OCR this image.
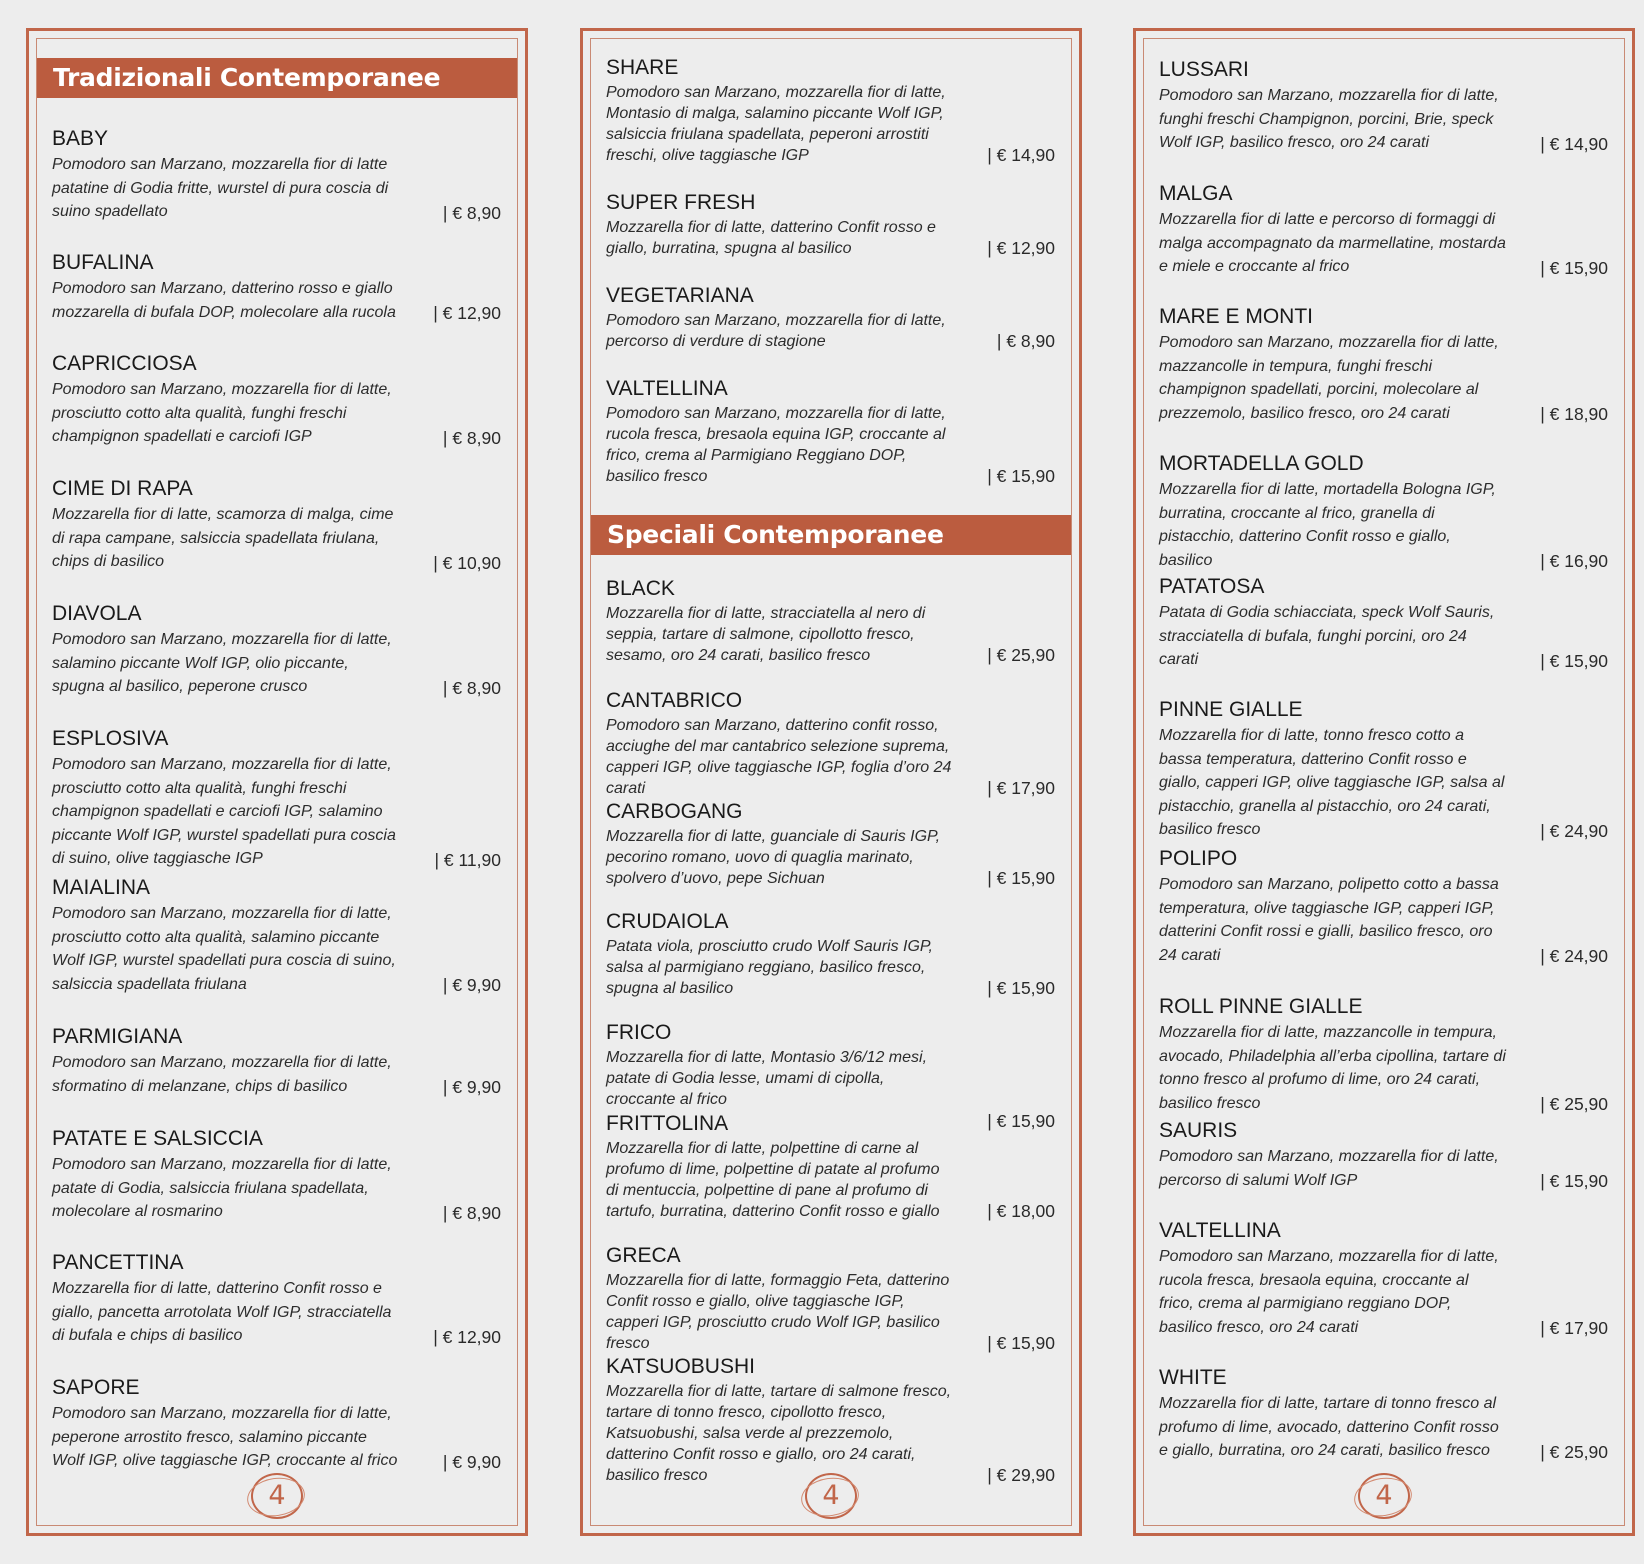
Tradizionali Contemporanee
BABY
Pomodoro san Marzano, mozzarella fior di latte patatine di Godia fritte, wurstel di pura coscia di suino spadellato	| € 8,90
BUFALINA
Pomodoro san Marzano, datterino rosso e giallo mozzarella di bufala DOP, molecolare alla rucola	| € 12,90
CAPRICCIOSA
Pomodoro san Marzano, mozzarella fior di latte, prosciutto cotto alta qualità, funghi freschi champignon spadellati e carciofi IGP	| € 8,90
CIME DI RAPA
Mozzarella fior di latte, scamorza di malga, cime di rapa campane, salsiccia spadellata friulana, chips di basilico	| € 10,90
DIAVOLA
Pomodoro san Marzano, mozzarella fior di latte, salamino piccante Wolf IGP, olio piccante, spugna al basilico, peperone crusco	| € 8,90
ESPLOSIVA
Pomodoro san Marzano, mozzarella fior di latte, prosciutto cotto alta qualità, funghi freschi champignon spadellati e carciofi IGP, salamino piccante Wolf IGP, wurstel spadellati pura coscia di suino, olive taggiasche IGP	| € 11,90
MAIALINA
Pomodoro san Marzano, mozzarella fior di latte, prosciutto cotto alta qualità, salamino piccante Wolf IGP, wurstel spadellati pura coscia di suino, salsiccia spadellata friulana	| € 9,90
PARMIGIANA
Pomodoro san Marzano, mozzarella fior di latte, sformatino di melanzane, chips di basilico	| € 9,90
PATATE E SALSICCIA
Pomodoro san Marzano, mozzarella fior di latte, patate di Godia, salsiccia friulana spadellata, molecolare al rosmarino	| € 8,90
PANCETTINA
Mozzarella fior di latte, datterino Confit rosso e giallo, pancetta arrotolata Wolf IGP, stracciatella di bufala e chips di basilico	| € 12,90
SAPORE
Pomodoro san Marzano, mozzarella fior di latte, peperone arrostito fresco, salamino piccante Wolf IGP, olive taggiasche IGP, croccante al frico	| € 9,90
4
SHARE
Pomodoro san Marzano, mozzarella fior di latte, Montasio di malga, salamino piccante Wolf IGP, salsiccia friulana spadellata, peperoni arrostiti freschi, olive taggiasche IGP	| € 14,90
SUPER FRESH
Mozzarella fior di latte, datterino Confit rosso e giallo, burratina, spugna al basilico	| € 12,90
VEGETARIANA
Pomodoro san Marzano, mozzarella fior di latte, percorso di verdure di stagione	| € 8,90
VALTELLINA
Pomodoro san Marzano, mozzarella fior di latte, rucola fresca, bresaola equina IGP, croccante al frico, crema al Parmigiano Reggiano DOP, basilico fresco	| € 15,90
Speciali Contemporanee
BLACK
Mozzarella fior di latte, stracciatella al nero di seppia, tartare di salmone, cipollotto fresco, sesamo, oro 24 carati, basilico fresco	| € 25,90
CANTABRICO
Pomodoro san Marzano, datterino confit rosso, acciughe del mar cantabrico selezione suprema, capperi IGP, olive taggiasche IGP, foglia d’oro 24 carati	| € 17,90
CARBOGANG
Mozzarella fior di latte, guanciale di Sauris IGP, pecorino romano, uovo di quaglia marinato, spolvero d’uovo, pepe Sichuan	| € 15,90
CRUDAIOLA
Patata viola, prosciutto crudo Wolf Sauris IGP, salsa al parmigiano reggiano, basilico fresco, spugna al basilico	| € 15,90
FRICO
Mozzarella fior di latte, Montasio 3/6/12 mesi, patate di Godia lesse, umami di cipolla, croccante al frico
| € 15,90
FRITTOLINA
Mozzarella fior di latte, polpettine di carne al profumo di lime, polpettine di patate al profumo di mentuccia, polpettine di pane al profumo di tartufo, burratina, datterino Confit rosso e giallo	| € 18,00
GRECA
Mozzarella fior di latte, formaggio Feta, datterino Confit rosso e giallo, olive taggiasche IGP, capperi IGP, prosciutto crudo Wolf IGP, basilico fresco	| € 15,90
KATSUOBUSHI
Mozzarella fior di latte, tartare di salmone fresco, tartare di tonno fresco, cipollotto fresco, Katsuobushi, salsa verde al prezzemolo, datterino Confit rosso e giallo, oro 24 carati, basilico fresco	| € 29,90
4
LUSSARI
Pomodoro san Marzano, mozzarella fior di latte, funghi freschi Champignon, porcini, Brie, speck Wolf IGP, basilico fresco, oro 24 carati	| € 14,90
MALGA
Mozzarella fior di latte e percorso di formaggi di malga accompagnato da marmellatine, mostarda e miele e croccante al frico	| € 15,90
MARE E MONTI
Pomodoro san Marzano, mozzarella fior di latte, mazzancolle in tempura, funghi freschi champignon spadellati, porcini, molecolare al prezzemolo, basilico fresco, oro 24 carati	| € 18,90
MORTADELLA GOLD
Mozzarella fior di latte, mortadella Bologna IGP, burratina, croccante al frico, granella di pistacchio, datterino Confit rosso e giallo, basilico	| € 16,90
PATATOSA
Patata di Godia schiacciata, speck Wolf Sauris, stracciatella di bufala, funghi porcini, oro 24 carati	| € 15,90
PINNE GIALLE
Mozzarella fior di latte, tonno fresco cotto a bassa temperatura, datterino Confit rosso e giallo, capperi IGP, olive taggiasche IGP, salsa al pistacchio, granella al pistacchio, oro 24 carati, basilico fresco	| € 24,90
POLIPO
Pomodoro san Marzano, polipetto cotto a bassa temperatura, olive taggiasche IGP, capperi IGP, datterini Confit rossi e gialli, basilico fresco, oro 24 carati	| € 24,90
ROLL PINNE GIALLE
Mozzarella fior di latte, mazzancolle in tempura, avocado, Philadelphia all’erba cipollina, tartare di tonno fresco al profumo di lime, oro 24 carati, basilico fresco	| € 25,90
SAURIS
Pomodoro san Marzano, mozzarella fior di latte, percorso di salumi Wolf IGP	| € 15,90
VALTELLINA
Pomodoro san Marzano, mozzarella fior di latte, rucola fresca, bresaola equina, croccante al frico, crema al parmigiano reggiano DOP, basilico fresco, oro 24 carati	| € 17,90
WHITE
Mozzarella fior di latte, tartare di tonno fresco al profumo di lime, avocado, datterino Confit rosso e giallo, burratina, oro 24 carati, basilico fresco	| € 25,90
4
